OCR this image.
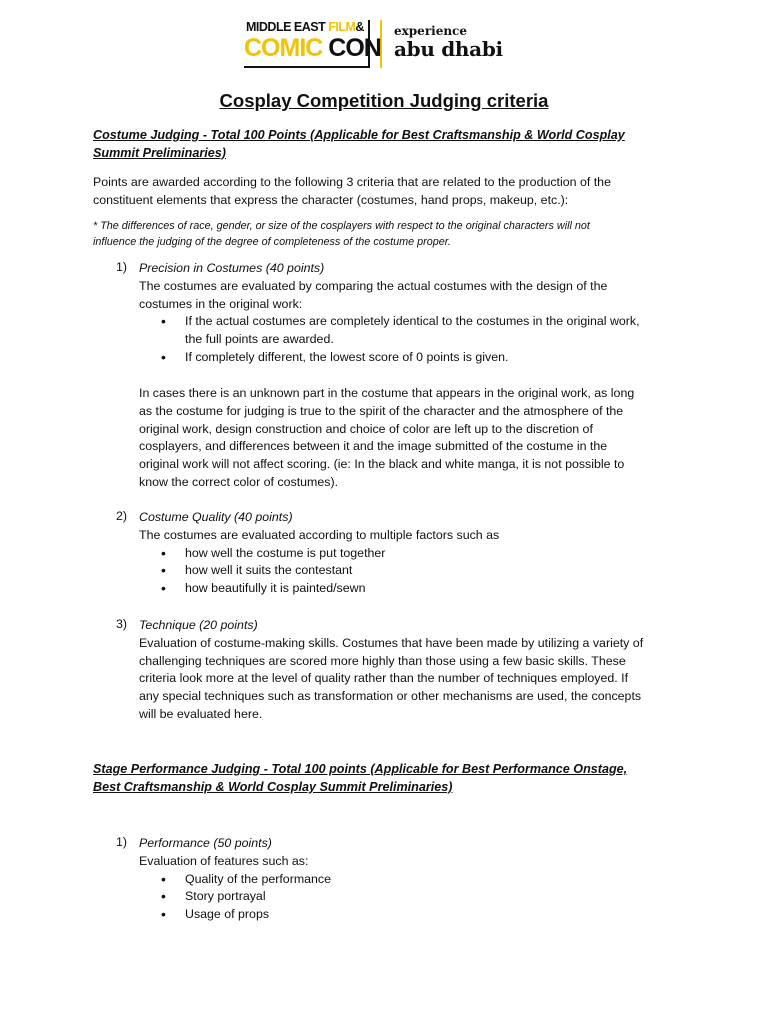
MIDDLE EAST FILM&
COMIC CON
experience
abu dhabi
Cosplay Competition Judging criteria
Costume Judging - Total 100 Points (Applicable for Best Craftsmanship & World Cosplay
Summit Preliminaries)
Points are awarded according to the following 3 criteria that are related to the production of the
constituent elements that express the character (costumes, hand props, makeup, etc.):
* The differences of race, gender, or size of the cosplayers with respect to the original characters will not
influence the judging of the degree of completeness of the costume proper.
1) Precision in Costumes (40 points)
The costumes are evaluated by comparing the actual costumes with the design of the
costumes in the original work:
• If the actual costumes are completely identical to the costumes in the original work,
the full points are awarded.
• If completely different, the lowest score of 0 points is given.
In cases there is an unknown part in the costume that appears in the original work, as long
as the costume for judging is true to the spirit of the character and the atmosphere of the
original work, design construction and choice of color are left up to the discretion of
cosplayers, and differences between it and the image submitted of the costume in the
original work will not affect scoring. (ie: In the black and white manga, it is not possible to
know the correct color of costumes).
2) Costume Quality (40 points)
The costumes are evaluated according to multiple factors such as
• how well the costume is put together
• how well it suits the contestant
• how beautifully it is painted/sewn
3) Technique (20 points)
Evaluation of costume-making skills. Costumes that have been made by utilizing a variety of
challenging techniques are scored more highly than those using a few basic skills. These
criteria look more at the level of quality rather than the number of techniques employed. If
any special techniques such as transformation or other mechanisms are used, the concepts
will be evaluated here.
Stage Performance Judging - Total 100 points (Applicable for Best Performance Onstage,
Best Craftsmanship & World Cosplay Summit Preliminaries)
1) Performance (50 points)
Evaluation of features such as:
• Quality of the performance
• Story portrayal
• Usage of props
